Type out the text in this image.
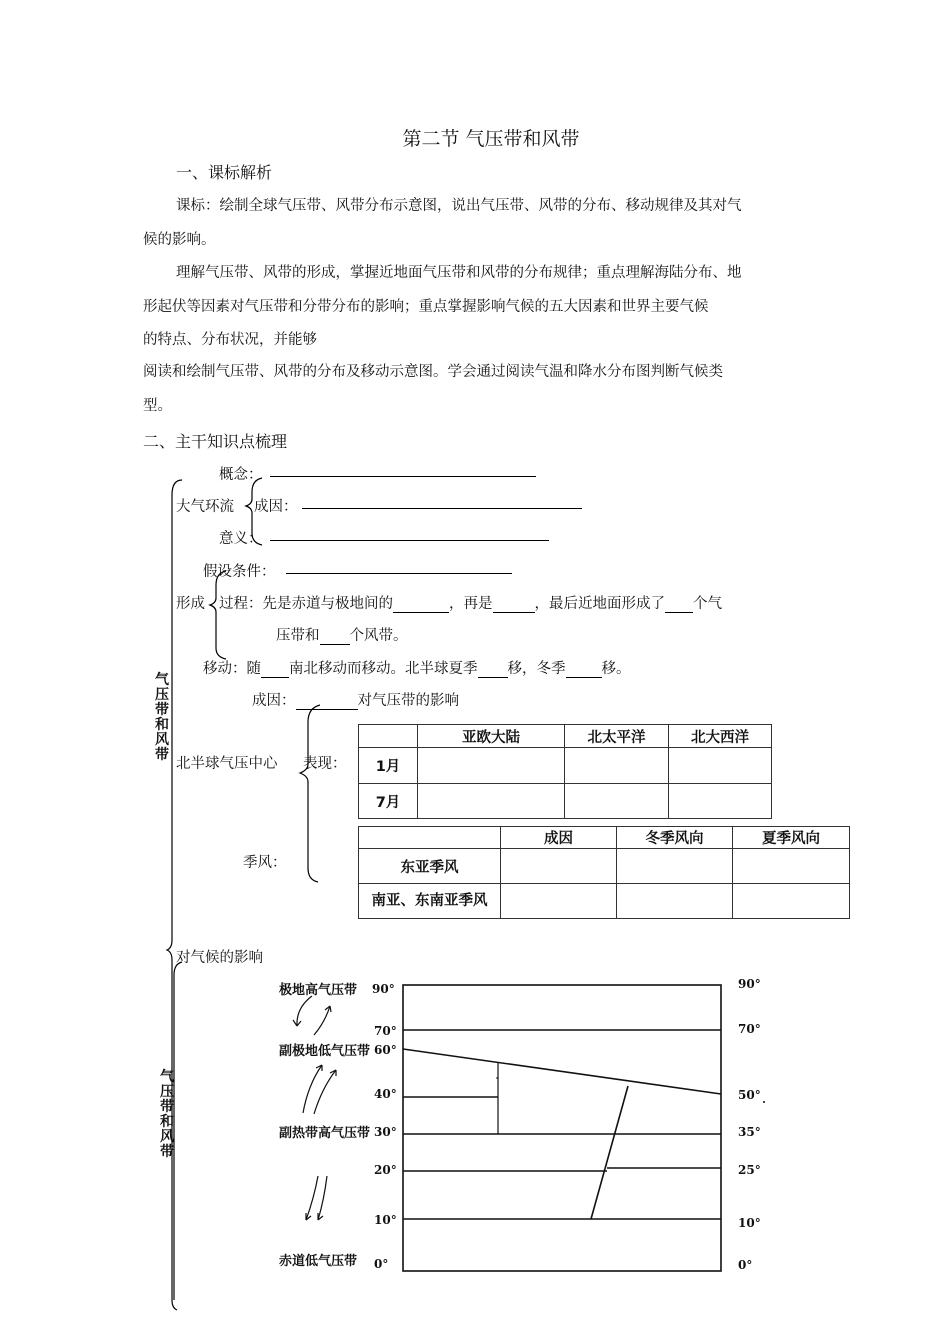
第二节 气压带和风带
一、课标解析
课标：绘制全球气压带、风带分布示意图，说出气压带、风带的分布、移动规律及其对气
候的影响。
理解气压带、风带的形成，掌握近地面气压带和风带的分布规律；重点理解海陆分布、地
形起伏等因素对气压带和分带分布的影响；重点掌握影响气候的五大因素和世界主要气候
的特点、分布状况，并能够
阅读和绘制气压带、风带的分布及移动示意图。学会通过阅读气温和降水分布图判断气候类
型。
二、主干知识点梳理
气压带和风带
气压带和风带
概念：
大气环流 成因：
意义：
假设条件：
形成 过程：先是赤道与极地间的	，再是	，最后近地面形成了 个气
压带和 个风带。
移动：随 南北移动而移动。北半球夏季 移，冬季 移。
成因：	对气压带的影响
北半球气压中心 表现：
季风：
对气候的影响
	亚欧大陆	北太平洋	北大西洋
1月			
7月			
	成因	冬季风向	夏季风向
东亚季风			
南亚、东南亚季风			
极地高气压带
副极地低气压带
副热带高气压带
赤道低气压带
90°
70°
60°
40°
30°
20°
10°
0°
90°
70°
50°
35°
25°
10°
0°
